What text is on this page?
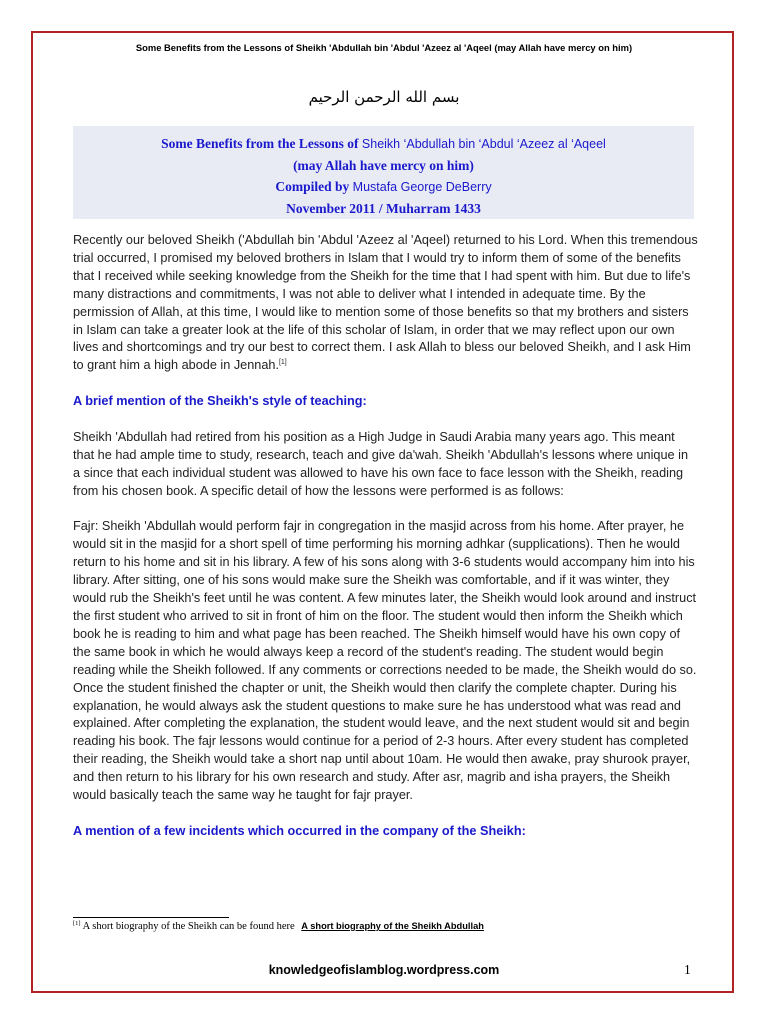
Some Benefits from the Lessons of Sheikh 'Abdullah bin 'Abdul 'Azeez al 'Aqeel (may Allah have mercy on him)
بسم الله الرحمن الرحيم
Some Benefits from the Lessons of Sheikh ‘Abdullah bin ‘Abdul ‘Azeez al ‘Aqeel
(may Allah have mercy on him)
Compiled by Mustafa George DeBerry
November 2011 / Muharram 1433

Recently our beloved Sheikh ('Abdullah bin 'Abdul 'Azeez al 'Aqeel) returned to his Lord. When this tremendous trial occurred, I promised my beloved brothers in Islam that I would try to inform them of some of the benefits that I received while seeking knowledge from the Sheikh for the time that I had spent with him. But due to life's many distractions and commitments, I was not able to deliver what I intended in adequate time. By the permission of Allah, at this time, I would like to mention some of those benefits so that my brothers and sisters in Islam can take a greater look at the life of this scholar of Islam, in order that we may reflect upon our own lives and shortcomings and try our best to correct them. I ask Allah to bless our beloved Sheikh, and I ask Him to grant him a high abode in Jennah.[1]

A brief mention of the Sheikh's style of teaching:

Sheikh 'Abdullah had retired from his position as a High Judge in Saudi Arabia many years ago. This meant that he had ample time to study, research, teach and give da'wah. Sheikh 'Abdullah's lessons where unique in a since that each individual student was allowed to have his own face to face lesson with the Sheikh, reading from his chosen book. A specific detail of how the lessons were performed is as follows:

Fajr: Sheikh 'Abdullah would perform fajr in congregation in the masjid across from his home. After prayer, he would sit in the masjid for a short spell of time performing his morning adhkar (supplications). Then he would return to his home and sit in his library. A few of his sons along with 3-6 students would accompany him into his library. After sitting, one of his sons would make sure the Sheikh was comfortable, and if it was winter, they would rub the Sheikh's feet until he was content. A few minutes later, the Sheikh would look around and instruct the first student who arrived to sit in front of him on the floor. The student would then inform the Sheikh which book he is reading to him and what page has been reached. The Sheikh himself would have his own copy of the same book in which he would always keep a record of the student's reading. The student would begin reading while the Sheikh followed. If any comments or corrections needed to be made, the Sheikh would do so. Once the student finished the chapter or unit, the Sheikh would then clarify the complete chapter. During his explanation, he would always ask the student questions to make sure he has understood what was read and explained. After completing the explanation, the student would leave, and the next student would sit and begin reading his book. The fajr lessons would continue for a period of 2-3 hours. After every student has completed their reading, the Sheikh would take a short nap until about 10am. He would then awake, pray shurook prayer, and then return to his library for his own research and study. After asr, magrib and isha prayers, the Sheikh would basically teach the same way he taught for fajr prayer.

A mention of a few incidents which occurred in the company of the Sheikh:

[1] A short biography of the Sheikh can be found here A short biography of the Sheikh Abdullah
knowledgeofislamblog.wordpress.com	1
